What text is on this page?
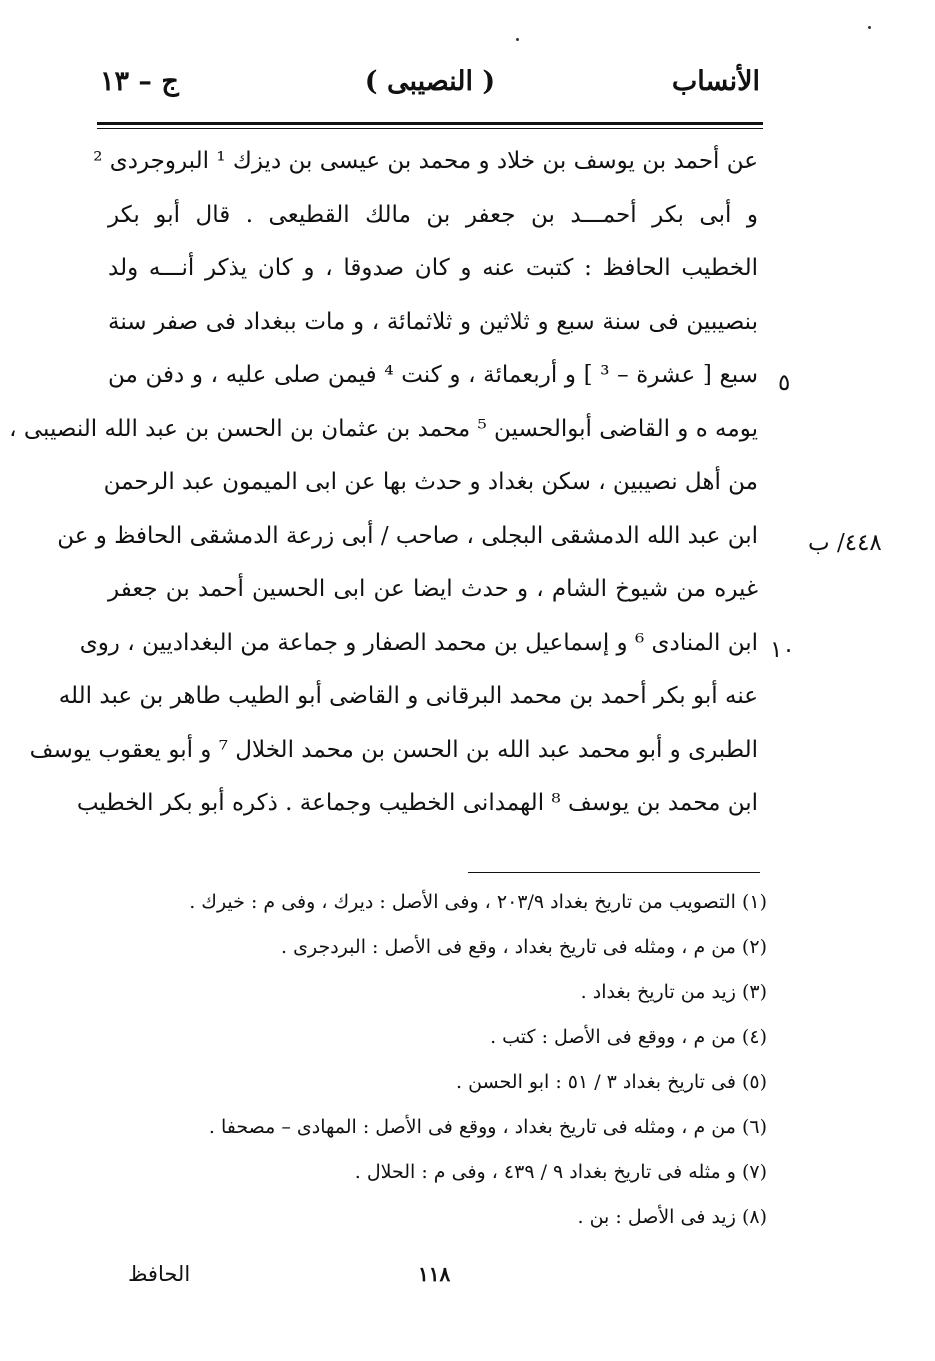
الأنساب
( النصيبى )
ج – ١٣
عن أحمد بن يوسف بن خلاد و محمد بن عيسى بن ديزك ¹ البروجردى ²
و أبى بكر أحمـــد بن جعفر بن مالك القطيعى . قال أبو بكر
الخطيب الحافظ : كتبت عنه و كان صدوقا ، و كان يذكر أنـــه ولد
بنصيبين فى سنة سبع و ثلاثين و ثلاثمائة ، و مات ببغداد فى صفر سنة
سبع [ عشرة – ³ ] و أربعمائة ، و كنت ⁴ فيمن صلى عليه ، و دفن من
يومه ه و القاضى أبوالحسين ⁵ محمد بن عثمان بن الحسن بن عبد الله النصيبى ،
من أهل نصيبين ، سكن بغداد و حدث بها عن ابى الميمون عبد الرحمن
ابن عبد الله الدمشقى البجلى ، صاحب / أبى زرعة الدمشقى الحافظ و عن
غيره من شيوخ الشام ، و حدث ايضا عن ابى الحسين أحمد بن جعفر
ابن المنادى ⁶ و إسماعيل بن محمد الصفار و جماعة من البغداديين ، روى
عنه أبو بكر أحمد بن محمد البرقانى و القاضى أبو الطيب طاهر بن عبد الله
الطبرى و أبو محمد عبد الله بن الحسن بن محمد الخلال ⁷ و أبو يعقوب يوسف
ابن محمد بن يوسف ⁸ الهمدانى الخطيب وجماعة . ذكره أبو بكر الخطيب
٥
٤٤٨/ ب
١٠
(١) التصويب من تاريخ بغداد ٢٠٣/٩ ، وفى الأصل : ديرك ، وفى م : خيرك .
(٢) من م ، ومثله فى تاريخ بغداد ، وقع فى الأصل : البردجرى .
(٣) زيد من تاريخ بغداد .
(٤) من م ، ووقع فى الأصل : كتب .
(٥) فى تاريخ بغداد ٣ / ٥١ : ابو الحسن .
(٦) من م ، ومثله فى تاريخ بغداد ، ووقع فى الأصل : المهادى – مصحفا .
(٧) و مثله فى تاريخ بغداد ٩ / ٤٣٩ ، وفى م : الحلال .
(٨) زيد فى الأصل : بن .
١١٨
الحافظ
